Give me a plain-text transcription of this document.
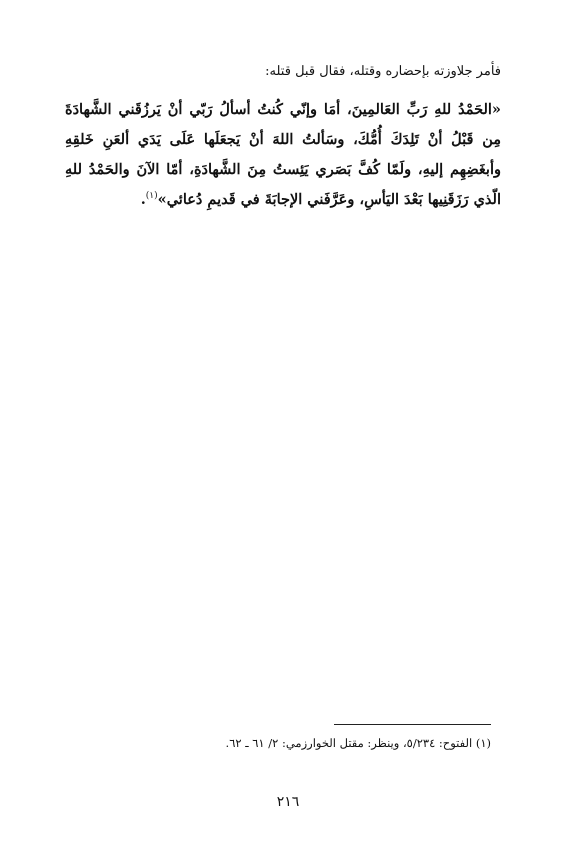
فأمر جلاوزته بإحضاره وقتله، فقال قبل قتله:

«الحَمْدُ للهِ رَبِّ العَالمِينَ، أمَا وإنّي كُنتُ أسألُ رَبّي أنْ يَرزُقَني الشَّهادَةَ مِن قَبْلُ أنْ تَلِدَكَ أُمُّكَ، وسَألتُ اللهَ أنْ يَجعَلَها عَلَى يَدَي ألعَنِ خَلقِهِ وأبغَضِهِم إليهِ، ولَمّا كُفَّ بَصَري يَئِستُ مِنَ الشَّهادَةِ، أمّا الآنَ والحَمْدُ للهِ الّذي رَزَقَنِيها بَعْدَ اليَأسِ، وعَرَّفَني الإجابَةَ في قَديمِ دُعائي»$^{(١)}$.

(١) الفتوح: ٥/٢٣٤، وينظر: مقتل الخوارزمي: ٢/ ٦١ ـ ٦٢.

٢١٦
